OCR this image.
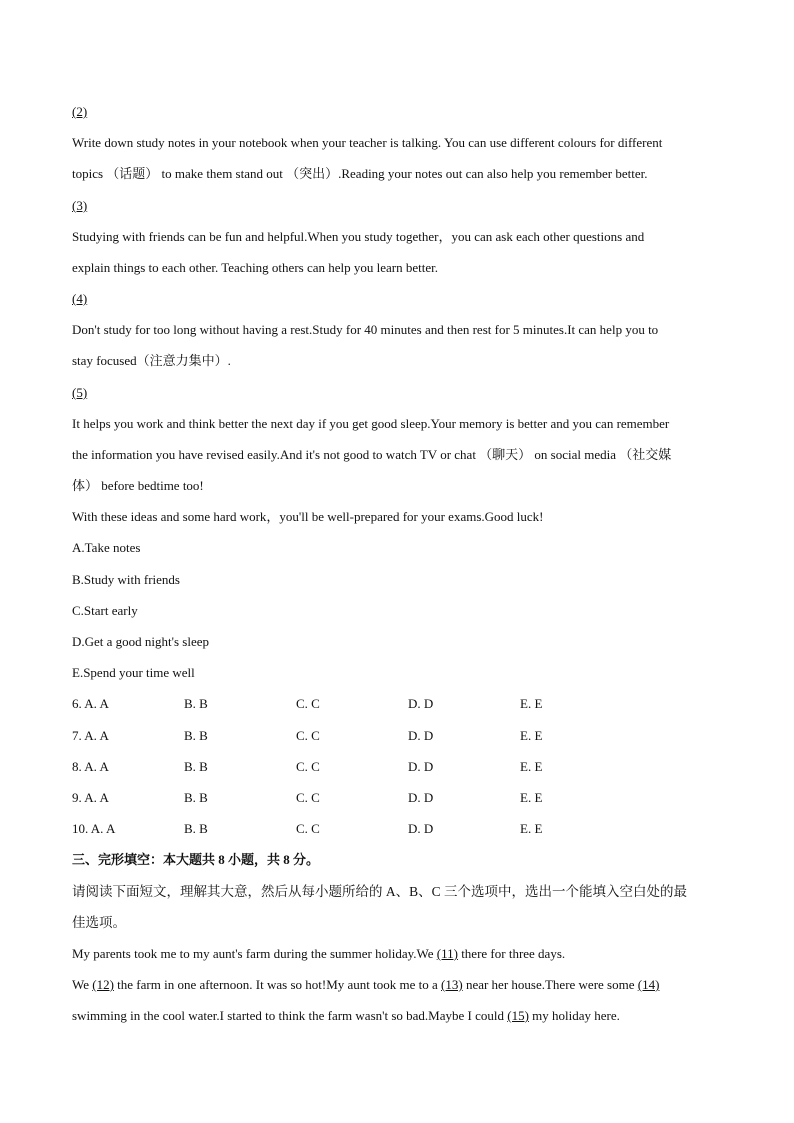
(2)
Write down study notes in your notebook when your teacher is talking. You can use different colours for different
topics （话题） to make them stand out （突出）.Reading your notes out can also help you remember better.
(3)
Studying with friends can be fun and helpful.When you study together，you can ask each other questions and
explain things to each other. Teaching others can help you learn better.
(4)
Don't study for too long without having a rest.Study for 40 minutes and then rest for 5 minutes.It can help you to
stay focused（注意力集中）.
(5)
It helps you work and think better the next day if you get good sleep.Your memory is better and you can remember
the information you have revised easily.And it's not good to watch TV or chat （聊天） on social media （社交媒
体） before bedtime too!
With these ideas and some hard work，you'll be well-prepared for your exams.Good luck!
A.Take notes
B.Study with friends
C.Start early
D.Get a good night's sleep
E.Spend your time well
6. A. A	B. B	C. C	D. D	E. E
7. A. A	B. B	C. C	D. D	E. E
8. A. A	B. B	C. C	D. D	E. E
9. A. A	B. B	C. C	D. D	E. E
10. A. A	B. B	C. C	D. D	E. E
三、完形填空：本大题共 8 小题，共 8 分。
请阅读下面短文，理解其大意，然后从每小题所给的 A、B、C 三个选项中，选出一个能填入空白处的最
佳选项。
My parents took me to my aunt's farm during the summer holiday.We (11) there for three days.
We (12) the farm in one afternoon. It was so hot!My aunt took me to a (13) near her house.There were some (14)
swimming in the cool water.I started to think the farm wasn't so bad.Maybe I could (15) my holiday here.
